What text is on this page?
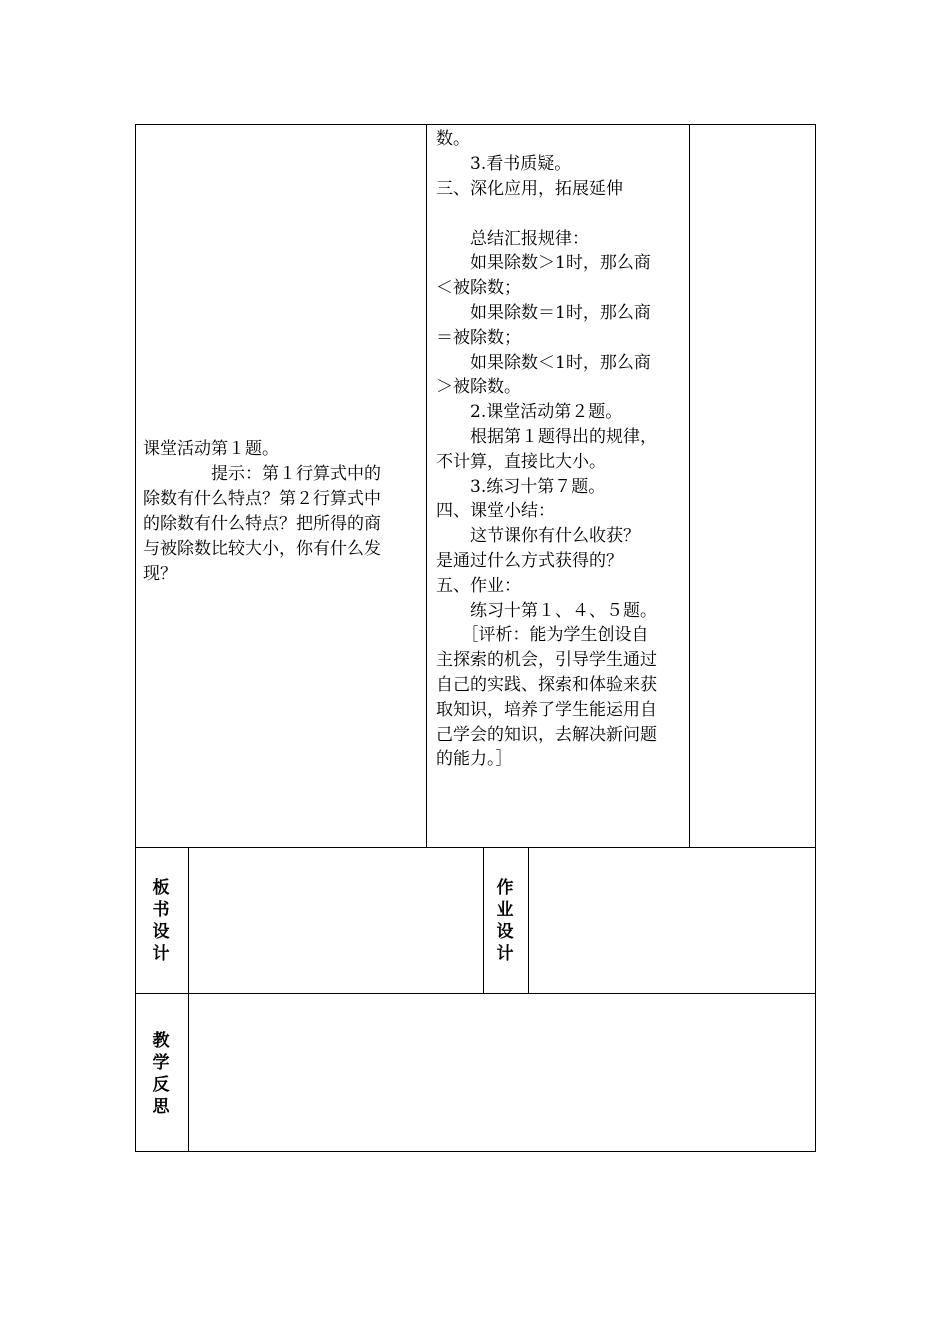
课堂活动第１题。
　　　　提示：第１行算式中的
除数有什么特点？第２行算式中
的除数有什么特点？把所得的商
与被除数比较大小，你有什么发
现？
数。
　　3.看书质疑。
三、深化应用，拓展延伸
　　总结汇报规律：
　　如果除数＞1时，那么商
＜被除数；
　　如果除数＝1时，那么商
＝被除数；
　　如果除数＜1时，那么商
＞被除数。
　　2.课堂活动第２题。
　　根据第１题得出的规律，
不计算，直接比大小。
　　3.练习十第７题。
四、课堂小结：
　　这节课你有什么收获？
是通过什么方式获得的？
五、作业：
　　练习十第１、４、５题。
　　［评析：能为学生创设自
主探索的机会，引导学生通过
自己的实践、探索和体验来获
取知识，培养了学生能运用自
己学会的知识，去解决新问题
的能力。］
板
书
设
计
作
业
设
计
教
学
反
思
